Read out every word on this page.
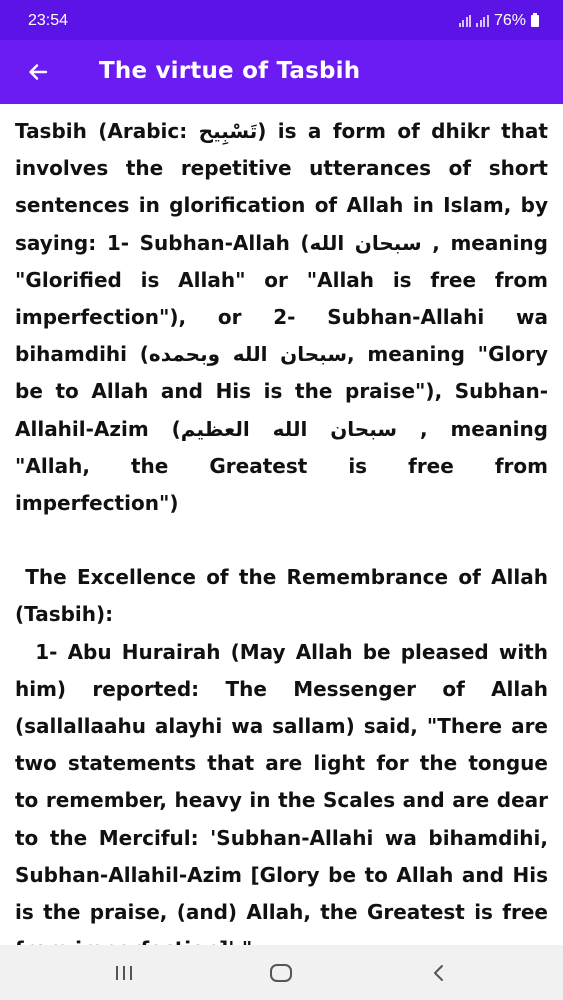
23:54	76%
The virtue of Tasbih

Tasbih (Arabic: تَسْبِيح) is a form of dhikr that involves the repetitive utterances of short sentences in glorification of Allah in Islam, by saying: 1- Subhan-Allah (سبحان الله , meaning "Glorified is Allah" or "Allah is free from imperfection"), or 2- Subhan-Allahi wa bihamdihi (سبحان الله وبحمده, meaning "Glory be to Allah and His is the praise"), Subhan-Allahil-Azim (سبحان الله العظيم , meaning "Allah, the Greatest is free from imperfection")

The Excellence of the Remembrance of Allah (Tasbih):

1- Abu Hurairah (May Allah be pleased with him) reported: The Messenger of Allah (sallallaahu alayhi wa sallam) said, "There are two statements that are light for the tongue to remember, heavy in the Scales and are dear to the Merciful: 'Subhan-Allahi wa bihamdihi, Subhan-Allahil-Azim [Glory be to Allah and His is the praise, (and) Allah, the Greatest is free
